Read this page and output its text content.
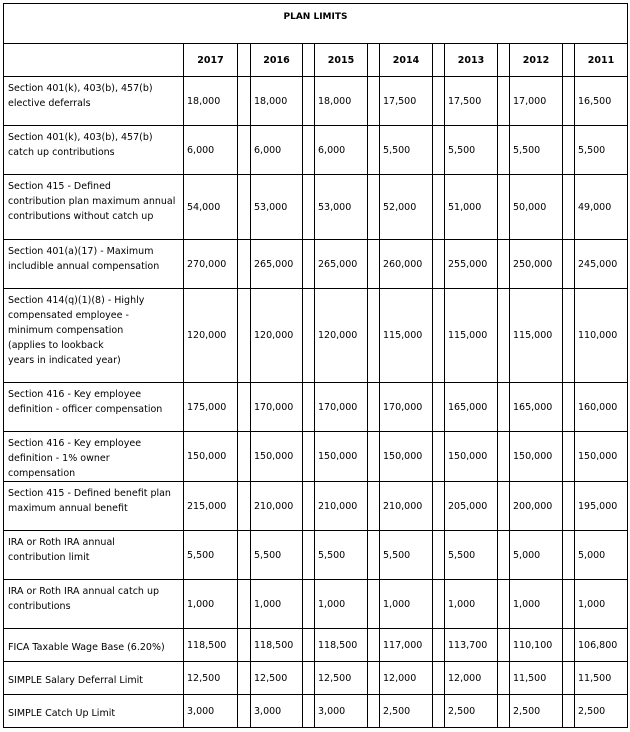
PLAN LIMITS													
	2017		2016		2015		2014		2013		2012		2011
Section 401(k), 403(b), 457(b)
elective deferrals	18,000		18,000		18,000		17,500		17,500		17,000		16,500
Section 401(k), 403(b), 457(b)
catch up contributions	6,000		6,000		6,000		5,500		5,500		5,500		5,500
Section 415 - Defined
contribution plan maximum annual
contributions without catch up	54,000		53,000		53,000		52,000		51,000		50,000		49,000
Section 401(a)(17) - Maximum
includible annual compensation	270,000		265,000		265,000		260,000		255,000		250,000		245,000
Section 414(q)(1)(8) - Highly
compensated employee -
minimum compensation
(applies to lookback
years in indicated year)	120,000		120,000		120,000		115,000		115,000		115,000		110,000
Section 416 - Key employee
definition - officer compensation	175,000		170,000		170,000		170,000		165,000		165,000		160,000
Section 416 - Key employee
definition - 1% owner compensation	150,000		150,000		150,000		150,000		150,000		150,000		150,000
Section 415 - Defined benefit plan
maximum annual benefit	215,000		210,000		210,000		210,000		205,000		200,000		195,000
IRA or Roth IRA annual
contribution limit	5,500		5,500		5,500		5,500		5,500		5,000		5,000
IRA or Roth IRA annual catch up
contributions	1,000		1,000		1,000		1,000		1,000		1,000		1,000
FICA Taxable Wage Base (6.20%)	118,500		118,500		118,500		117,000		113,700		110,100		106,800
SIMPLE Salary Deferral Limit	12,500		12,500		12,500		12,000		12,000		11,500		11,500
SIMPLE Catch Up Limit	3,000		3,000		3,000		2,500		2,500		2,500		2,500
